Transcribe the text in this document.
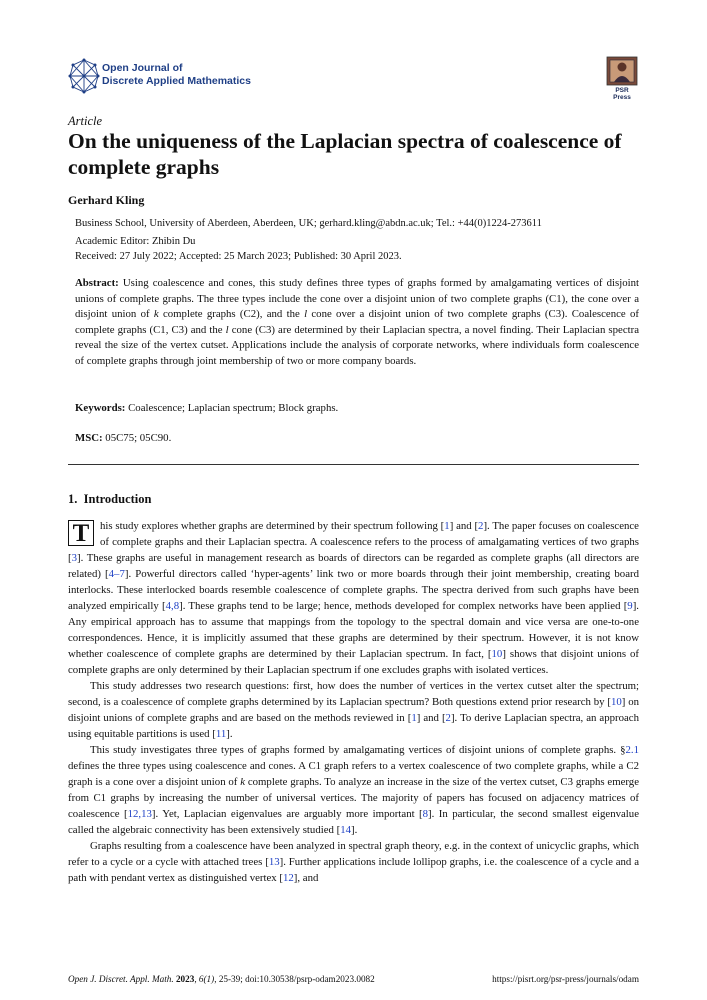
Open Journal of
Discrete Applied Mathematics
PSR Press
Article
On the uniqueness of the Laplacian spectra of coalescence of complete graphs
Gerhard Kling
Business School, University of Aberdeen, Aberdeen, UK; gerhard.kling@abdn.ac.uk; Tel.: +44(0)1224-273611
Academic Editor: Zhibin Du
Received: 27 July 2022; Accepted: 25 March 2023; Published: 30 April 2023.
Abstract: Using coalescence and cones, this study defines three types of graphs formed by amalgamating vertices of disjoint unions of complete graphs. The three types include the cone over a disjoint union of two complete graphs (C1), the cone over a disjoint union of k complete graphs (C2), and the l cone over a disjoint union of two complete graphs (C3). Coalescence of complete graphs (C1, C3) and the l cone (C3) are determined by their Laplacian spectra, a novel finding. Their Laplacian spectra reveal the size of the vertex cutset. Applications include the analysis of corporate networks, where individuals form coalescence of complete graphs through joint membership of two or more company boards.
Keywords: Coalescence; Laplacian spectrum; Block graphs.
MSC: 05C75; 05C90.
1. Introduction

T his study explores whether graphs are determined by their spectrum following [1] and [2]. The paper focuses on coalescence of complete graphs and their Laplacian spectra. A coalescence refers to the process of amalgamating vertices of two graphs [3]. These graphs are useful in management research as boards of directors can be regarded as complete graphs (all directors are related) [4–7]. Powerful directors called ‘hyper-agents’ link two or more boards through their joint membership, creating board interlocks. These interlocked boards resemble coalescence of complete graphs. The spectra derived from such graphs have been analyzed empirically [4,8]. These graphs tend to be large; hence, methods developed for complex networks have been applied [9]. Any empirical approach has to assume that mappings from the topology to the spectral domain and vice versa are one-to-one correspondences. Hence, it is implicitly assumed that these graphs are determined by their spectrum. However, it is not know whether coalescence of complete graphs are determined by their Laplacian spectrum. In fact, [10] shows that disjoint unions of complete graphs are only determined by their Laplacian spectrum if one excludes graphs with isolated vertices.

This study addresses two research questions: first, how does the number of vertices in the vertex cutset alter the spectrum; second, is a coalescence of complete graphs determined by its Laplacian spectrum? Both questions extend prior research by [10] on disjoint unions of complete graphs and are based on the methods reviewed in [1] and [2]. To derive Laplacian spectra, an approach using equitable partitions is used [11].

This study investigates three types of graphs formed by amalgamating vertices of disjoint unions of complete graphs. §2.1 defines the three types using coalescence and cones. A C1 graph refers to a vertex coalescence of two complete graphs, while a C2 graph is a cone over a disjoint union of k complete graphs. To analyze an increase in the size of the vertex cutset, C3 graphs emerge from C1 graphs by increasing the number of universal vertices. The majority of papers has focused on adjacency matrices of coalescence [12,13]. Yet, Laplacian eigenvalues are arguably more important [8]. In particular, the second smallest eigenvalue called the algebraic connectivity has been extensively studied [14].

Graphs resulting from a coalescence have been analyzed in spectral graph theory, e.g. in the context of unicyclic graphs, which refer to a cycle or a cycle with attached trees [13]. Further applications include lollipop graphs, i.e. the coalescence of a cycle and a path with pendant vertex as distinguished vertex [12], and

Open J. Discret. Appl. Math. 2023, 6(1), 25-39; doi:10.30538/psrp-odam2023.0082	https://pisrt.org/psr-press/journals/odam
